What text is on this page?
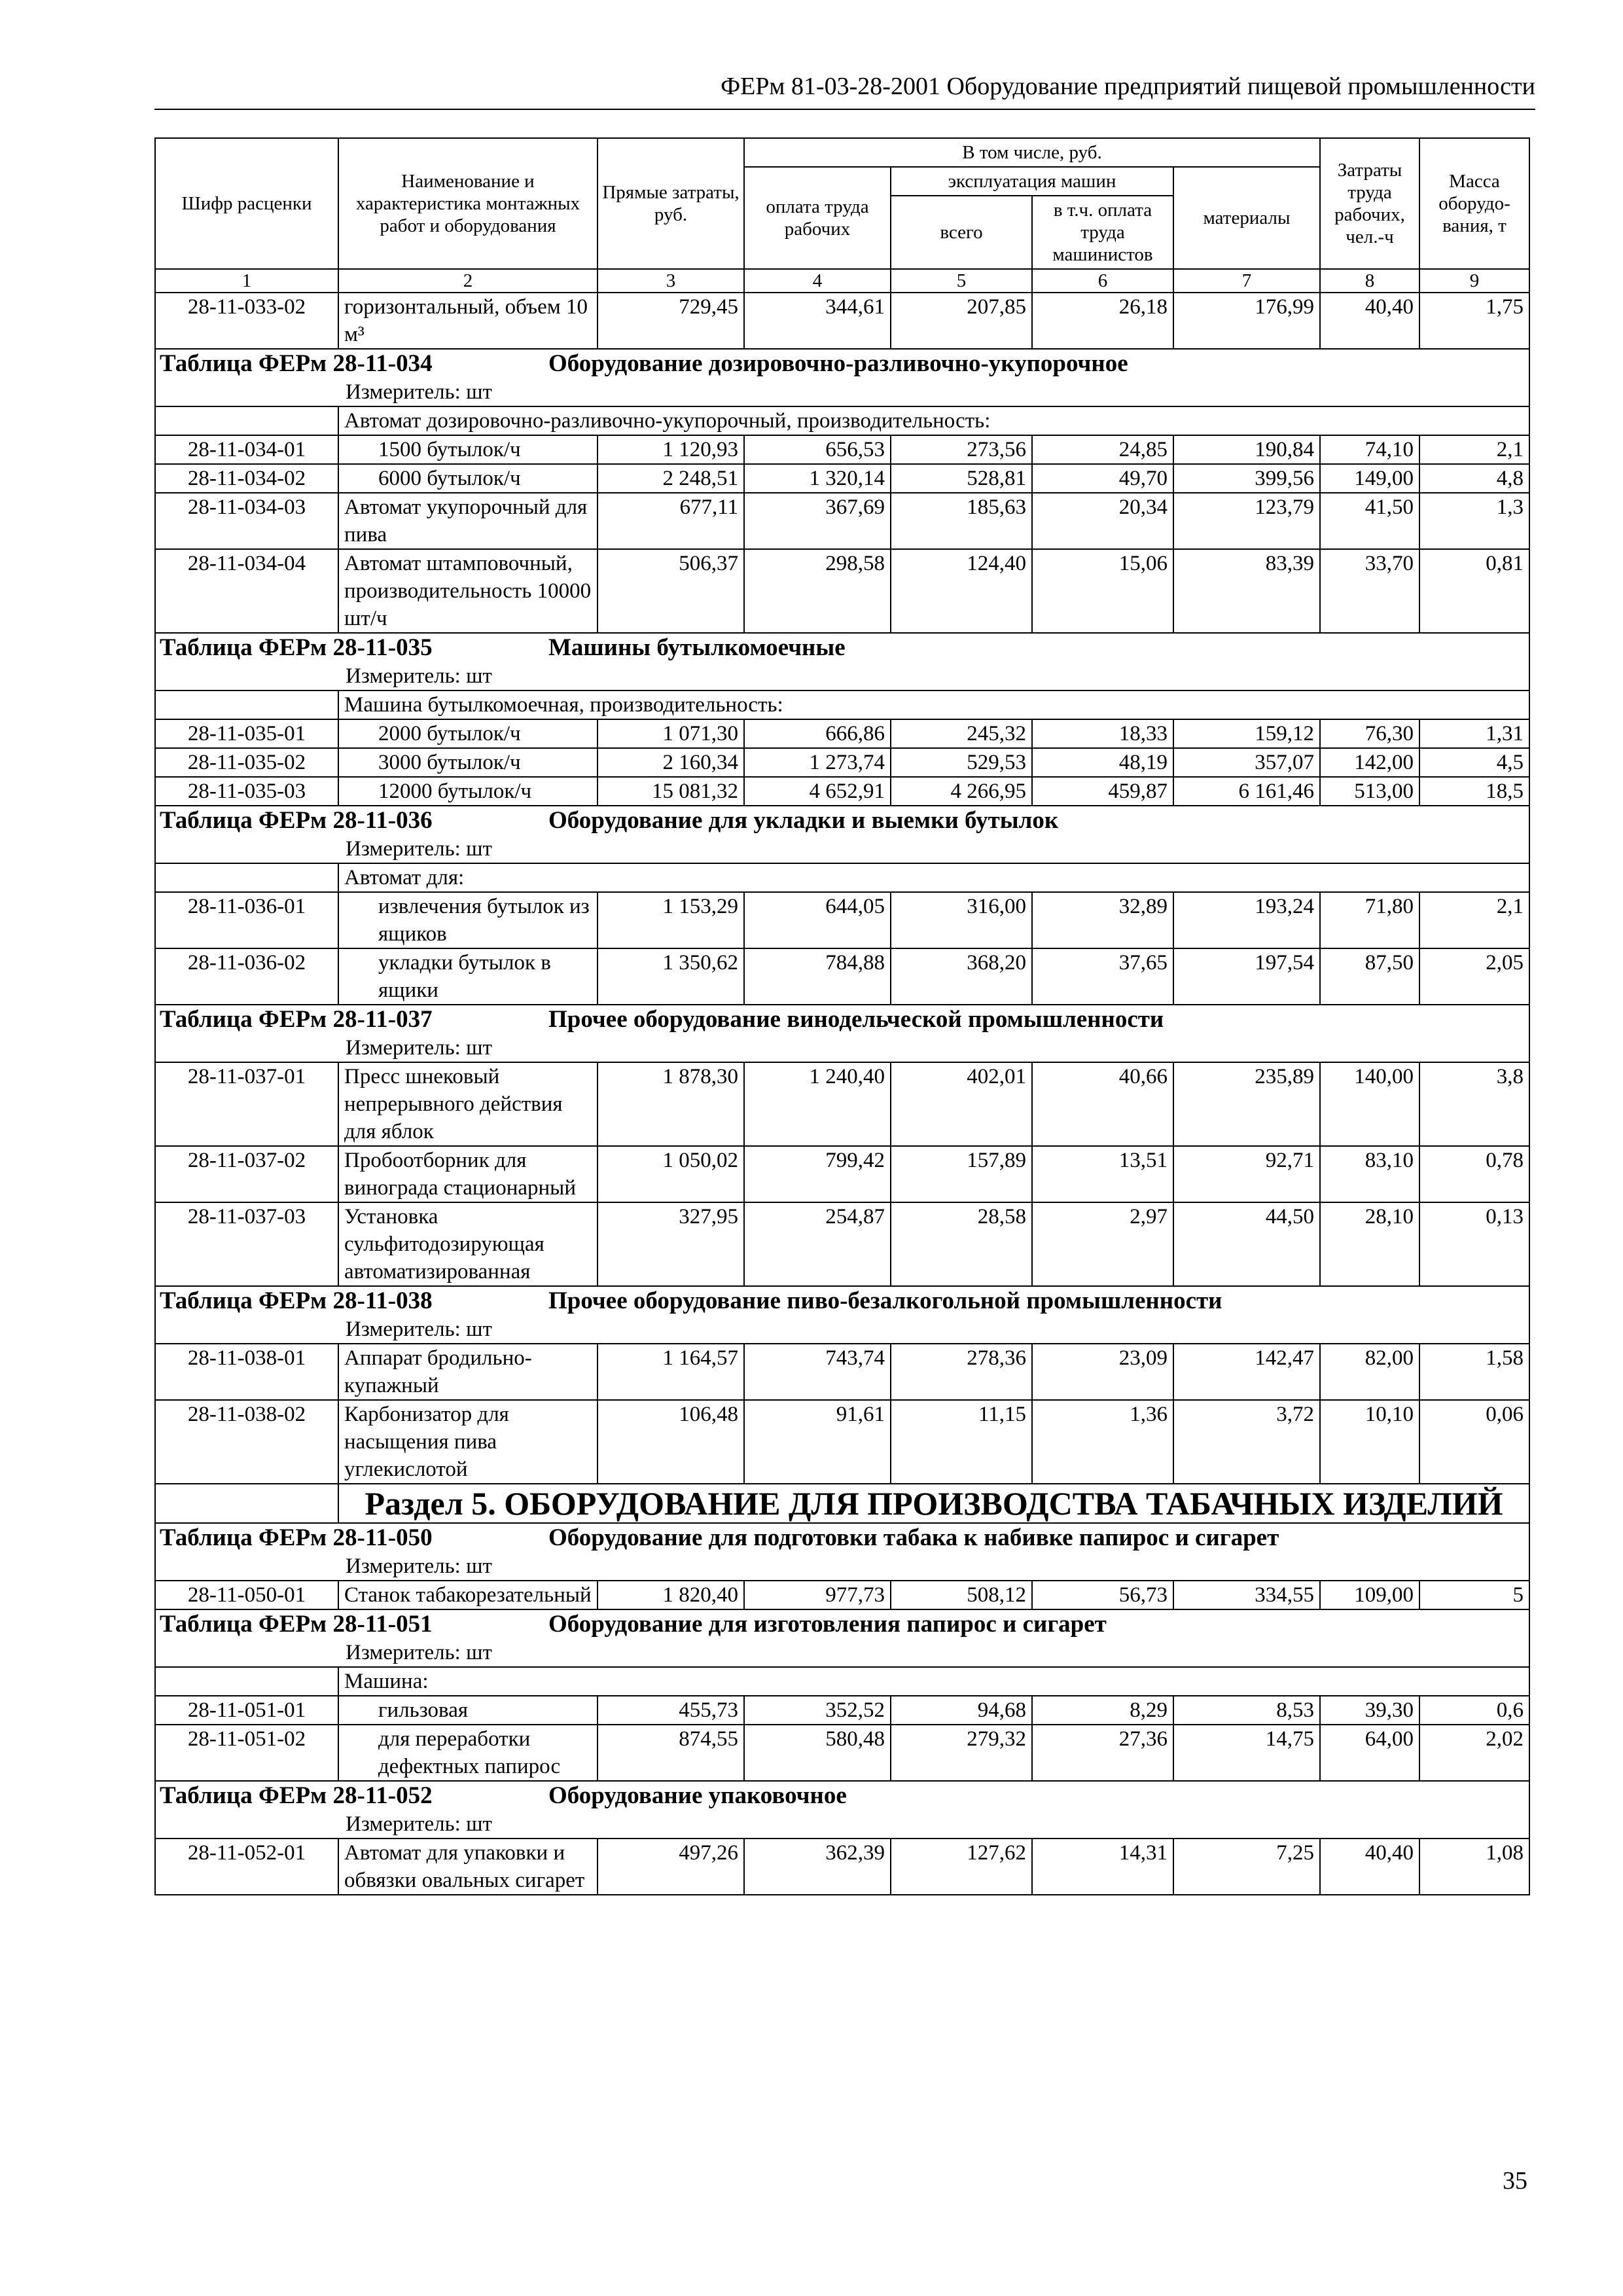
ФЕРм 81-03-28-2001 Оборудование предприятий пищевой промышленности
Шифр расценки	Наименование и характеристика монтажных работ и оборудования	Прямые затраты, руб.	В том числе, руб.				Затраты труда рабочих, чел.-ч	Масса оборудо-вания, т
			оплата труда рабочих	эксплуатация машин		материалы		
				всего	в т.ч. оплата труда машинистов			
1	2	3	4	5	6	7	8	9
28-11-033-02	горизонтальный, объем 10 м³	729,45	344,61	207,85	26,18	176,99	40,40	1,75
Таблица ФЕРм 28-11-034 Оборудование дозировочно-разливочно-укупорочное								
Измеритель: шт								
	Автомат дозировочно-разливочно-укупорочный, производительность:							
28-11-034-01	1500 бутылок/ч	1 120,93	656,53	273,56	24,85	190,84	74,10	2,1
28-11-034-02	6000 бутылок/ч	2 248,51	1 320,14	528,81	49,70	399,56	149,00	4,8
28-11-034-03	Автомат укупорочный для пива	677,11	367,69	185,63	20,34	123,79	41,50	1,3
28-11-034-04	Автомат штамповочный, производительность 10000 шт/ч	506,37	298,58	124,40	15,06	83,39	33,70	0,81
Таблица ФЕРм 28-11-035 Машины бутылкомоечные								
Измеритель: шт								
	Машина бутылкомоечная, производительность:							
28-11-035-01	2000 бутылок/ч	1 071,30	666,86	245,32	18,33	159,12	76,30	1,31
28-11-035-02	3000 бутылок/ч	2 160,34	1 273,74	529,53	48,19	357,07	142,00	4,5
28-11-035-03	12000 бутылок/ч	15 081,32	4 652,91	4 266,95	459,87	6 161,46	513,00	18,5
Таблица ФЕРм 28-11-036 Оборудование для укладки и выемки бутылок								
Измеритель: шт								
	Автомат для:							
28-11-036-01	извлечения бутылок из ящиков	1 153,29	644,05	316,00	32,89	193,24	71,80	2,1
28-11-036-02	укладки бутылок в ящики	1 350,62	784,88	368,20	37,65	197,54	87,50	2,05
Таблица ФЕРм 28-11-037 Прочее оборудование винодельческой промышленности								
Измеритель: шт								
28-11-037-01	Пресс шнековый непрерывного действия для яблок	1 878,30	1 240,40	402,01	40,66	235,89	140,00	3,8
28-11-037-02	Пробоотборник для винограда стационарный	1 050,02	799,42	157,89	13,51	92,71	83,10	0,78
28-11-037-03	Установка сульфитодозирующая автоматизированная	327,95	254,87	28,58	2,97	44,50	28,10	0,13
Таблица ФЕРм 28-11-038 Прочее оборудование пиво-безалкогольной промышленности								
Измеритель: шт								
28-11-038-01	Аппарат бродильно-купажный	1 164,57	743,74	278,36	23,09	142,47	82,00	1,58
28-11-038-02	Карбонизатор для насыщения пива углекислотой	106,48	91,61	11,15	1,36	3,72	10,10	0,06
	Раздел 5. ОБОРУДОВАНИЕ ДЛЯ ПРОИЗВОДСТВА ТАБАЧНЫХ ИЗДЕЛИЙ							
Таблица ФЕРм 28-11-050 Оборудование для подготовки табака к набивке папирос и сигарет								
Измеритель: шт								
28-11-050-01	Станок табакорезательный	1 820,40	977,73	508,12	56,73	334,55	109,00	5
Таблица ФЕРм 28-11-051 Оборудование для изготовления папирос и сигарет								
Измеритель: шт								
	Машина:							
28-11-051-01	гильзовая	455,73	352,52	94,68	8,29	8,53	39,30	0,6
28-11-051-02	для переработки дефектных папирос	874,55	580,48	279,32	27,36	14,75	64,00	2,02
Таблица ФЕРм 28-11-052 Оборудование упаковочное								
Измеритель: шт								
28-11-052-01	Автомат для упаковки и обвязки овальных сигарет	497,26	362,39	127,62	14,31	7,25	40,40	1,08
35
